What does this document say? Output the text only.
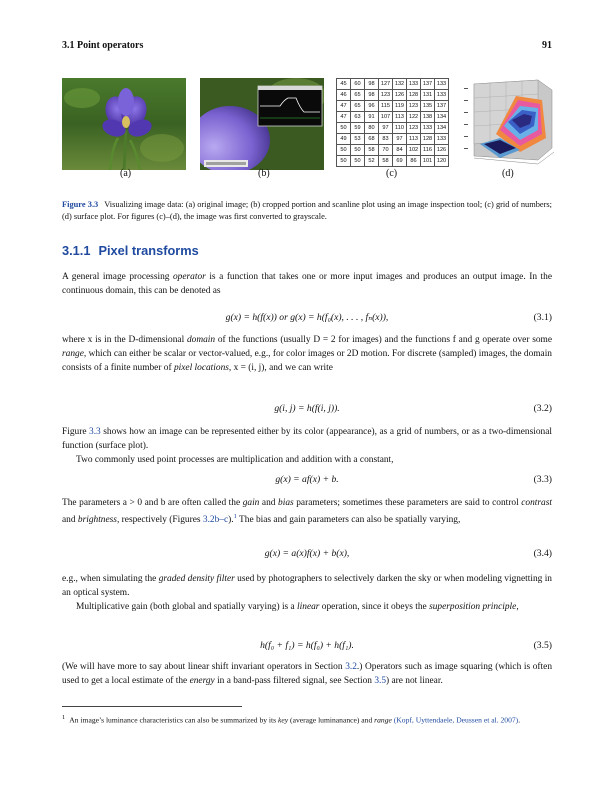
3.1 Point operators	91
45	60	98	127	132	133	137	133
46	65	98	123	126	128	131	133
47	65	96	115	119	123	135	137
47	63	91	107	113	122	138	134
50	59	80	97	110	123	133	134
49	53	68	83	97	113	128	133
50	50	58	70	84	102	116	126
50	50	52	58	69	86	101	120
(a)	(b)	(c)	(d)
Figure 3.3 Visualizing image data: (a) original image; (b) cropped portion and scanline plot using an image inspection tool; (c) grid of numbers; (d) surface plot. For figures (c)–(d), the image was first converted to grayscale.
3.1.1 Pixel transforms
A general image processing operator is a function that takes one or more input images and produces an output image. In the continuous domain, this can be denoted as
g(x) = h(f(x)) or g(x) = h(f₀(x), . . . , fₙ(x)),	(3.1)
where x is in the D-dimensional domain of the functions (usually D = 2 for images) and the functions f and g operate over some range, which can either be scalar or vector-valued, e.g., for color images or 2D motion. For discrete (sampled) images, the domain consists of a finite number of pixel locations, x = (i, j), and we can write
g(i, j) = h(f(i, j)).	(3.2)
Figure 3.3 shows how an image can be represented either by its color (appearance), as a grid of numbers, or as a two-dimensional function (surface plot).
Two commonly used point processes are multiplication and addition with a constant,
g(x) = af(x) + b.	(3.3)
The parameters a > 0 and b are often called the gain and bias parameters; sometimes these parameters are said to control contrast and brightness, respectively (Figures 3.2b–c).$^1$ The bias and gain parameters can also be spatially varying,
g(x) = a(x)f(x) + b(x),	(3.4)
e.g., when simulating the graded density filter used by photographers to selectively darken the sky or when modeling vignetting in an optical system.
Multiplicative gain (both global and spatially varying) is a linear operation, since it obeys the superposition principle,
h(f₀ + f₁) = h(f₀) + h(f₁).	(3.5)
(We will have more to say about linear shift invariant operators in Section 3.2.) Operators such as image squaring (which is often used to get a local estimate of the energy in a band-pass filtered signal, see Section 3.5) are not linear.
1 An image’s luminance characteristics can also be summarized by its key (average luminanance) and range (Kopf, Uyttendaele, Deussen et al. 2007).
